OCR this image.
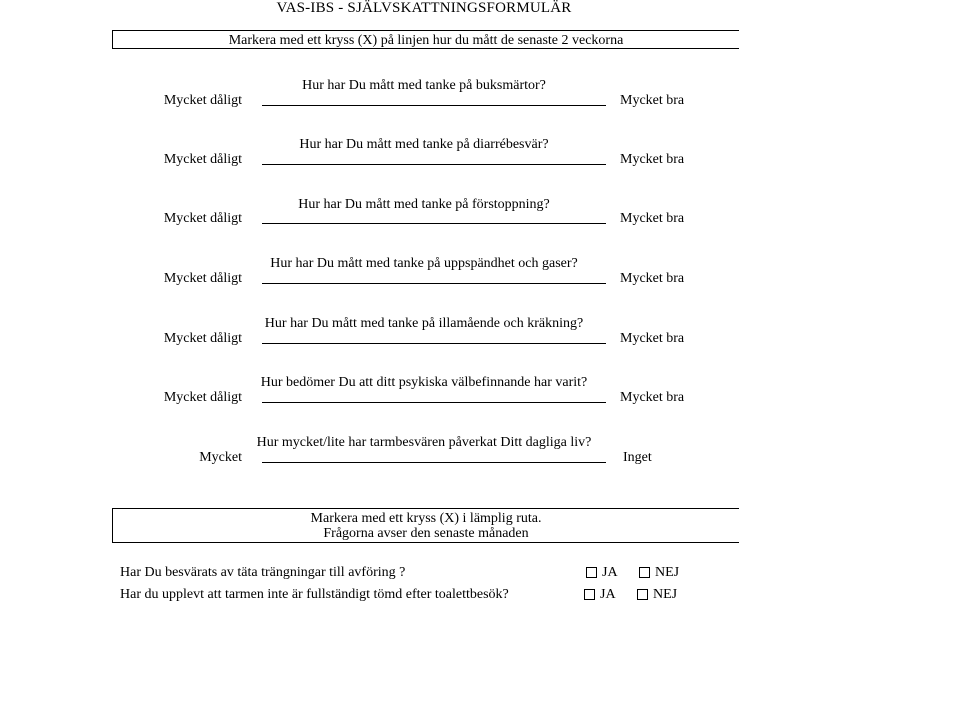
VAS-IBS - SJÄLVSKATTNINGSFORMULÄR
Markera med ett kryss (X) på linjen hur du mått de senaste 2 veckorna
Hur har Du mått med tanke på buksmärtor?
Mycket dåligt	Mycket bra
Hur har Du mått med tanke på diarrébesvär?
Mycket dåligt	Mycket bra
Hur har Du mått med tanke på förstoppning?
Mycket dåligt	Mycket bra
Hur har Du mått med tanke på uppspändhet och gaser?
Mycket dåligt	Mycket bra
Hur har Du mått med tanke på illamående och kräkning?
Mycket dåligt	Mycket bra
Hur bedömer Du att ditt psykiska välbefinnande har varit?
Mycket dåligt	Mycket bra
Hur mycket/lite har tarmbesvären påverkat Ditt dagliga liv?
Mycket	Inget
Markera med ett kryss (X) i lämplig ruta.
Frågorna avser den senaste månaden
Har Du besvärats av täta trängningar till avföring ?	JA	NEJ
Har du upplevt att tarmen inte är fullständigt tömd efter toalettbesök?	JA	NEJ
